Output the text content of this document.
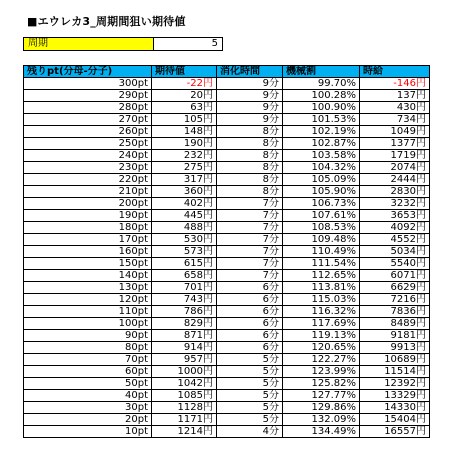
■エウレカ3_周期間狙い期待値
周期	5
残りpt(分母-分子)	期待値	消化時間	機械割	時給
300pt	-22円	9分	99.70%	-146円
290pt	20円	9分	100.28%	137円
280pt	63円	9分	100.90%	430円
270pt	105円	9分	101.53%	734円
260pt	148円	8分	102.19%	1049円
250pt	190円	8分	102.87%	1377円
240pt	232円	8分	103.58%	1719円
230pt	275円	8分	104.32%	2074円
220pt	317円	8分	105.09%	2444円
210pt	360円	8分	105.90%	2830円
200pt	402円	7分	106.73%	3232円
190pt	445円	7分	107.61%	3653円
180pt	488円	7分	108.53%	4092円
170pt	530円	7分	109.48%	4552円
160pt	573円	7分	110.49%	5034円
150pt	615円	7分	111.54%	5540円
140pt	658円	7分	112.65%	6071円
130pt	701円	6分	113.81%	6629円
120pt	743円	6分	115.03%	7216円
110pt	786円	6分	116.32%	7836円
100pt	829円	6分	117.69%	8489円
90pt	871円	6分	119.13%	9181円
80pt	914円	6分	120.65%	9913円
70pt	957円	5分	122.27%	10689円
60pt	1000円	5分	123.99%	11514円
50pt	1042円	5分	125.82%	12392円
40pt	1085円	5分	127.77%	13329円
30pt	1128円	5分	129.86%	14330円
20pt	1171円	5分	132.09%	15404円
10pt	1214円	4分	134.49%	16557円
